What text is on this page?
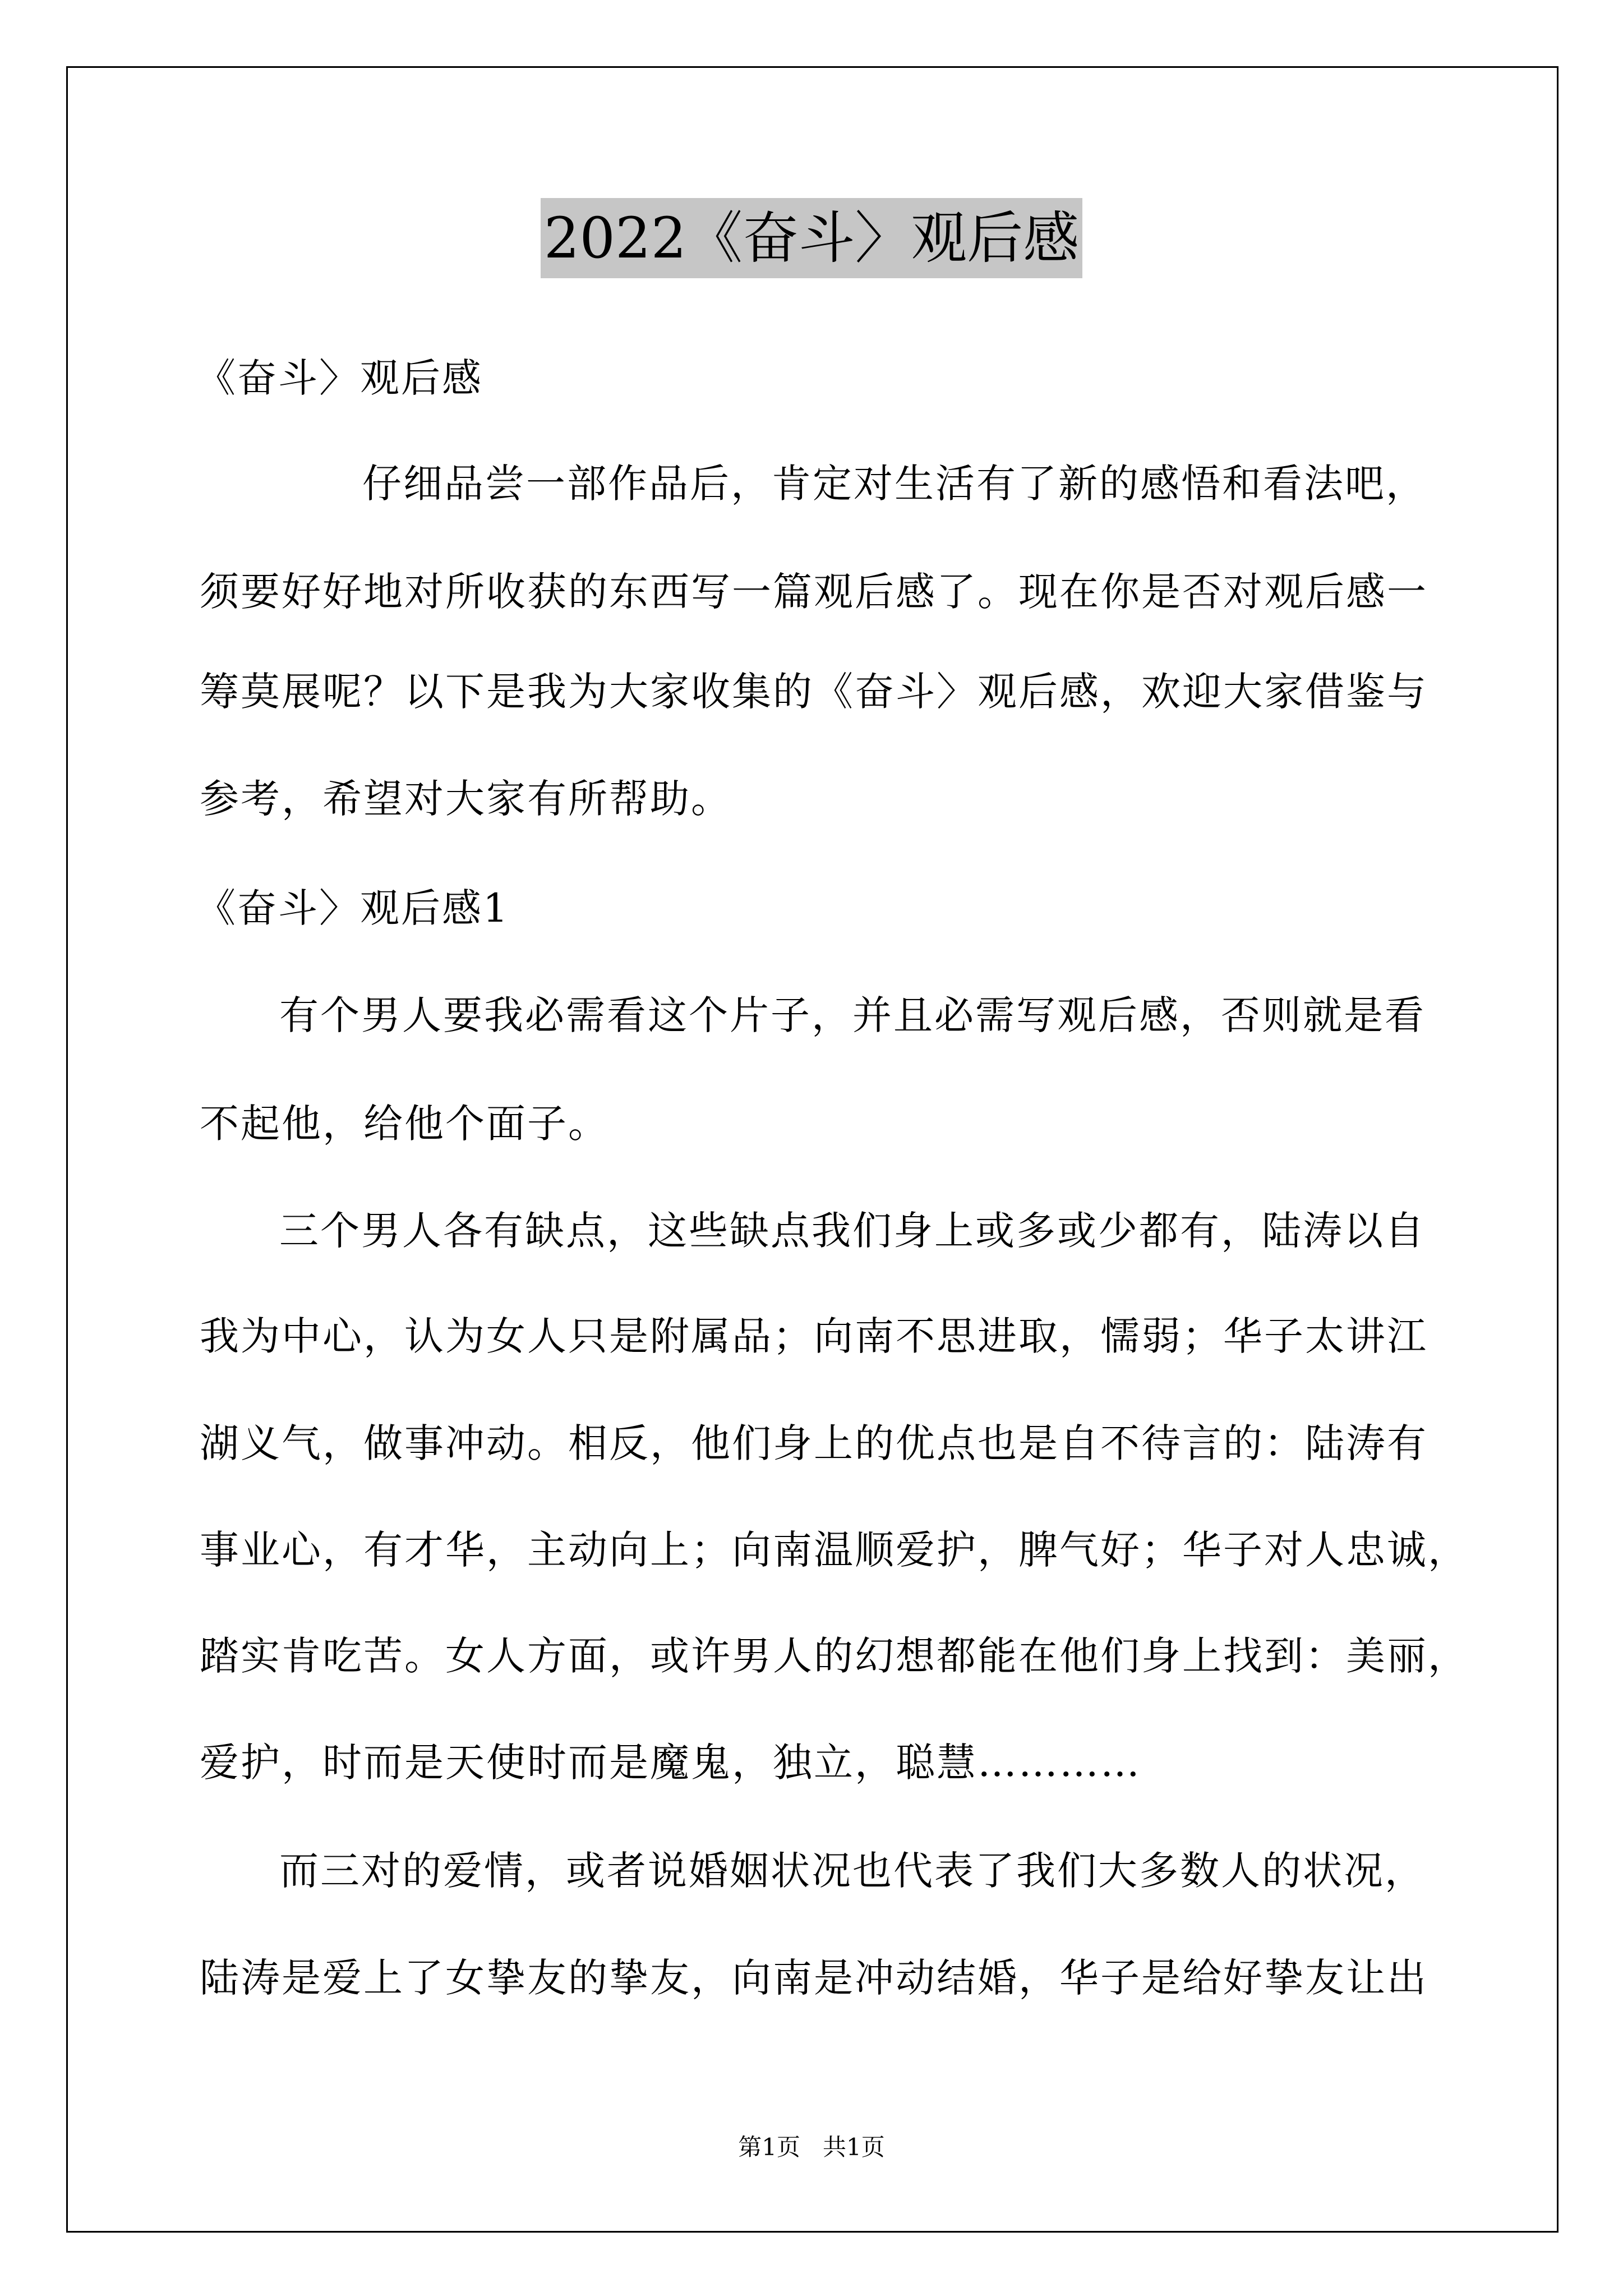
2022《奋斗〉观后感
《奋斗〉观后感
仔细品尝一部作品后，肯定对生活有了新的感悟和看法吧，
须要好好地对所收获的东西写一篇观后感了。现在你是否对观后感一
筹莫展呢？以下是我为大家收集的《奋斗〉观后感，欢迎大家借鉴与
参考，希望对大家有所帮助。
《奋斗〉观后感1
有个男人要我必需看这个片子，并且必需写观后感，否则就是看
不起他，给他个面子。
三个男人各有缺点，这些缺点我们身上或多或少都有，陆涛以自
我为中心，认为女人只是附属品；向南不思进取，懦弱；华子太讲江
湖义气，做事冲动。相反，他们身上的优点也是自不待言的：陆涛有
事业心，有才华，主动向上；向南温顺爱护，脾气好；华子对人忠诚，
踏实肯吃苦。女人方面，或许男人的幻想都能在他们身上找到：美丽，
爱护，时而是天使时而是魔鬼，独立，聪慧…………
而三对的爱情，或者说婚姻状况也代表了我们大多数人的状况，
陆涛是爱上了女挚友的挚友，向南是冲动结婚，华子是给好挚友让出
第1页   共1页
